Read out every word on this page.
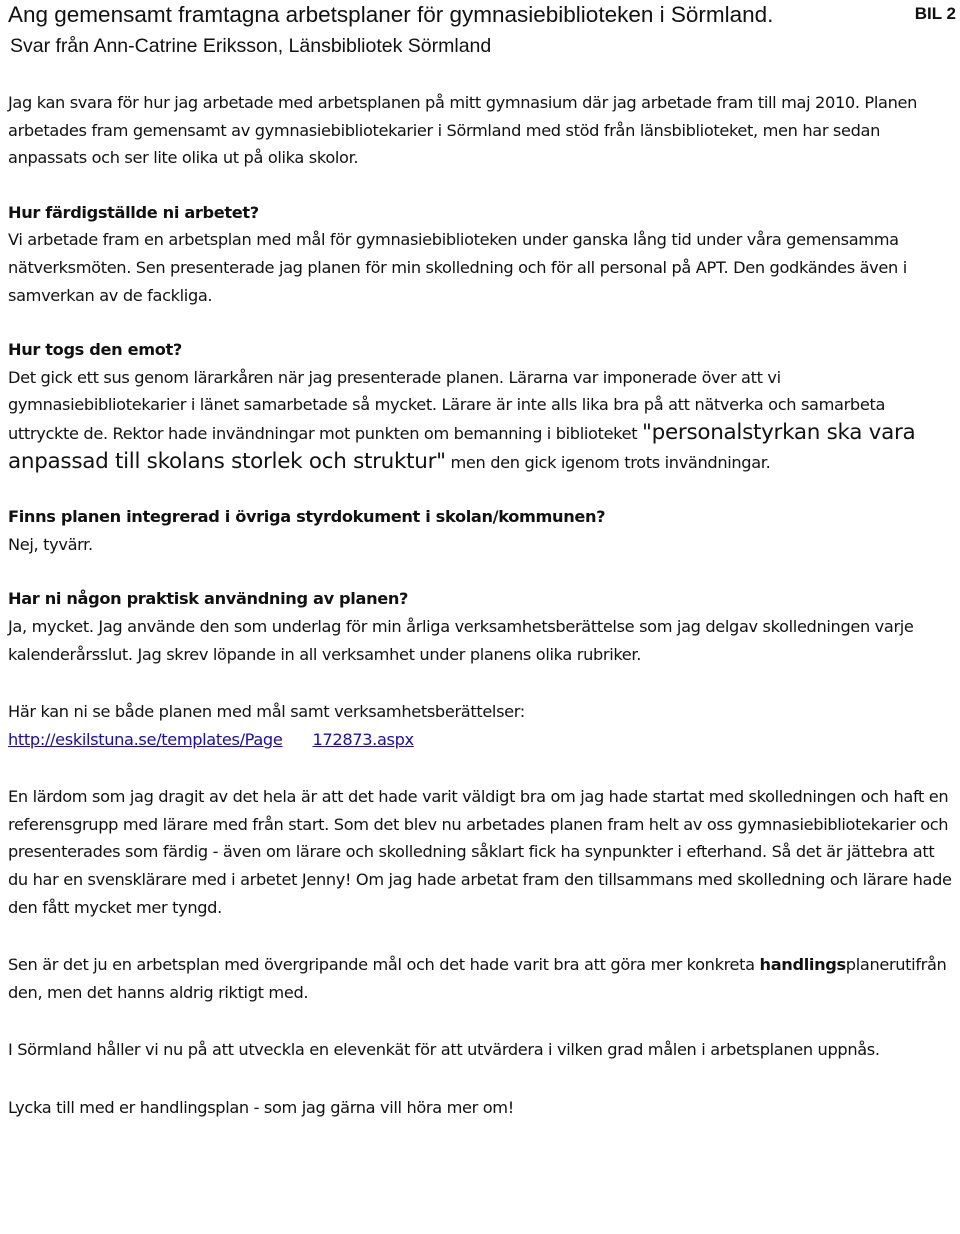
Ang gemensamt framtagna arbetsplaner för gymnasiebiblioteken i Sörmland.	BIL 2
Svar från Ann-Catrine Eriksson, Länsbibliotek Sörmland

Jag kan svara för hur jag arbetade med arbetsplanen på mitt gymnasium där jag arbetade fram till maj 2010. Planen arbetades fram gemensamt av gymnasiebibliotekarier i Sörmland med stöd från länsbiblioteket, men har sedan anpassats och ser lite olika ut på olika skolor.

Hur färdigställde ni arbetet?

Vi arbetade fram en arbetsplan med mål för gymnasiebiblioteken under ganska lång tid under våra gemensamma nätverksmöten. Sen presenterade jag planen för min skolledning och för all personal på APT. Den godkändes även i samverkan av de fackliga.

Hur togs den emot?

Det gick ett sus genom lärarkåren när jag presenterade planen. Lärarna var imponerade över att vi gymnasiebibliotekarier i länet samarbetade så mycket. Lärare är inte alls lika bra på att nätverka och samarbeta uttryckte de. Rektor hade invändningar mot punkten om bemanning i biblioteket "personalstyrkan ska vara anpassad till skolans storlek och struktur" men den gick igenom trots invändningar.

Finns planen integrerad i övriga styrdokument i skolan/kommunen?

Nej, tyvärr.

Har ni någon praktisk användning av planen?

Ja, mycket. Jag använde den som underlag för min årliga verksamhetsberättelse som jag delgav skolledningen varje kalenderårsslut. Jag skrev löpande in all verksamhet under planens olika rubriker.

Här kan ni se både planen med mål samt verksamhetsberättelser:

http://eskilstuna.se/templates/Page 172873.aspx

En lärdom som jag dragit av det hela är att det hade varit väldigt bra om jag hade startat med skolledningen och haft en referensgrupp med lärare med från start. Som det blev nu arbetades planen fram helt av oss gymnasiebibliotekarier och presenterades som färdig - även om lärare och skolledning såklart fick ha synpunkter i efterhand. Så det är jättebra att du har en svensklärare med i arbetet Jenny! Om jag hade arbetat fram den tillsammans med skolledning och lärare hade den fått mycket mer tyngd.

Sen är det ju en arbetsplan med övergripande mål och det hade varit bra att göra mer konkreta handlingsplanerutifrån den, men det hanns aldrig riktigt med.

I Sörmland håller vi nu på att utveckla en elevenkät för att utvärdera i vilken grad målen i arbetsplanen uppnås.

Lycka till med er handlingsplan - som jag gärna vill höra mer om!
